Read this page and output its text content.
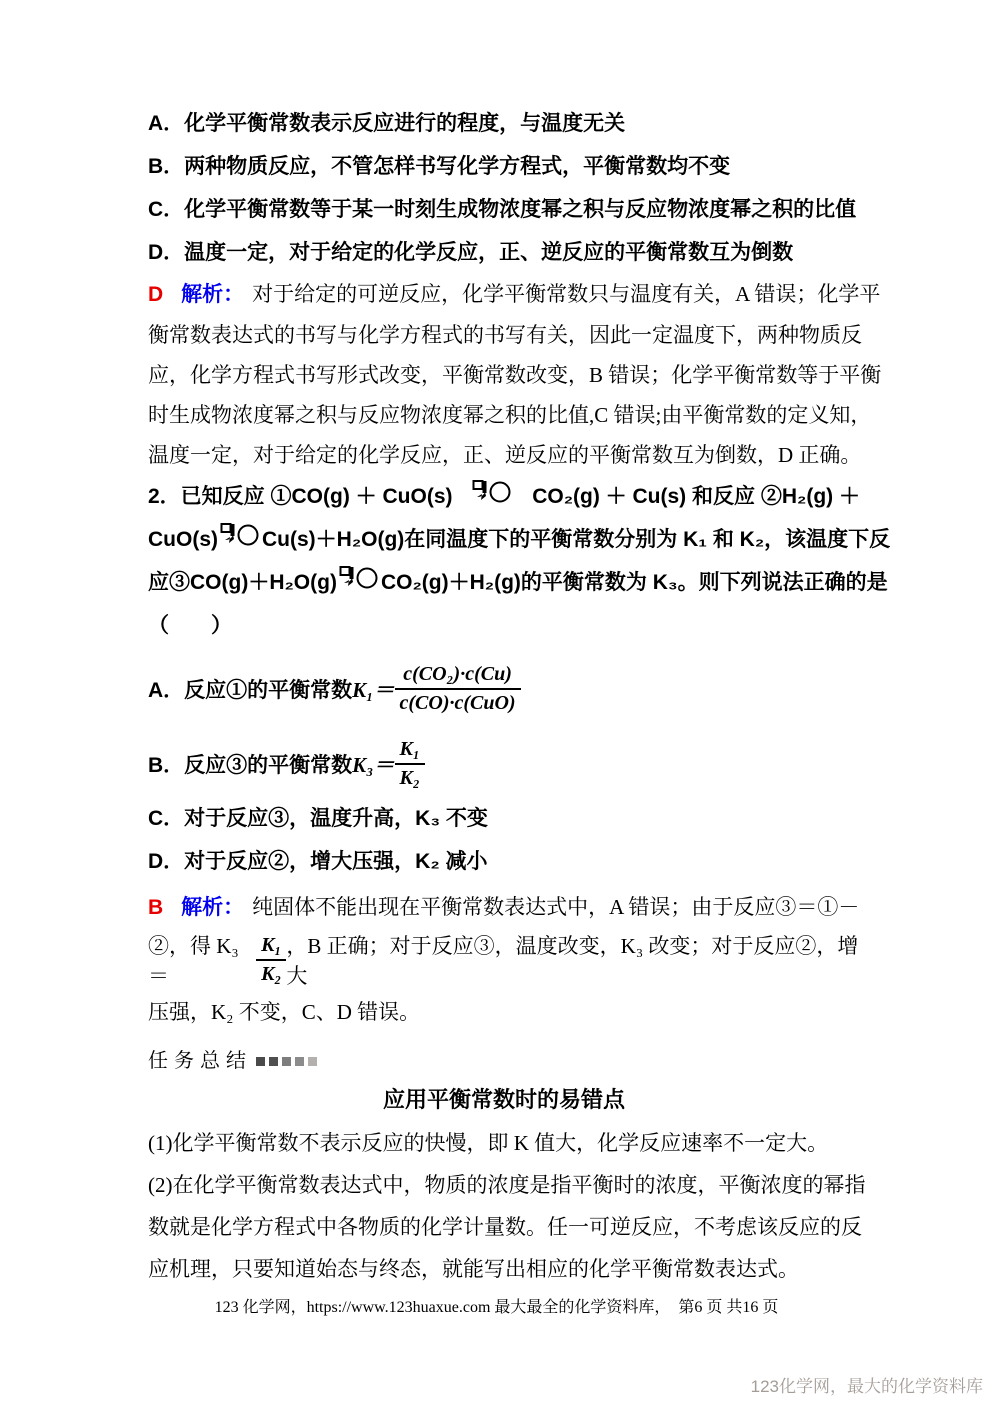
A．化学平衡常数表示反应进行的程度，与温度无关
B．两种物质反应，不管怎样书写化学方程式，平衡常数均不变
C．化学平衡常数等于某一时刻生成物浓度幂之积与反应物浓度幂之积的比值
D．温度一定，对于给定的化学反应，正、逆反应的平衡常数互为倒数
D 解析： 对于给定的可逆反应，化学平衡常数只与温度有关，A 错误；化学平
衡常数表达式的书写与化学方程式的书写有关，因此一定温度下，两种物质反
应，化学方程式书写形式改变，平衡常数改变，B 错误；化学平衡常数等于平衡
时生成物浓度幂之积与反应物浓度幂之积的比值,C 错误;由平衡常数的定义知，
温度一定，对于给定的化学反应，正、逆反应的平衡常数互为倒数，D 正确。
2．已知反应 ①CO(g) ＋ CuO(s)	CO₂(g) ＋ Cu(s) 和反应 ②H₂(g) ＋
CuO(s) Cu(s)＋H₂O(g)在同温度下的平衡常数分别为 K₁ 和 K₂，该温度下反
应③CO(g)＋H₂O(g) CO₂(g)＋H₂(g)的平衡常数为 K₃。则下列说法正确的是
（　　）
A．反应①的平衡常数 $K_1= \frac{\text{c(CO₂)·c(Cu)}}{\text{c(CO)·c(CuO)}}$
B．反应③的平衡常数 $K_3= \frac{\text{K₁}}{\text{K₂}}$
C．对于反应③，温度升高，K₃ 不变
D．对于反应②，增大压强，K₂ 减小
B 解析： 纯固体不能出现在平衡常数表达式中，A 错误；由于反应③＝①－
②，得 K₃＝	$\frac{\text{K₁}}{\text{K₂}}$ ，B 正确；对于反应③，温度改变，K₃ 改变；对于反应②，增大
压强，K₂ 不变，C、D 错误。
任务总结
应用平衡常数时的易错点
(1)化学平衡常数不表示反应的快慢，即 K 值大，化学反应速率不一定大。
(2)在化学平衡常数表达式中，物质的浓度是指平衡时的浓度，平衡浓度的幂指
数就是化学方程式中各物质的化学计量数。任一可逆反应，不考虑该反应的反
应机理，只要知道始态与终态，就能写出相应的化学平衡常数表达式。
123 化学网，https://www.123huaxue.com 最大最全的化学资料库，　第6 页 共16 页
123化学网，最大的化学资料库
